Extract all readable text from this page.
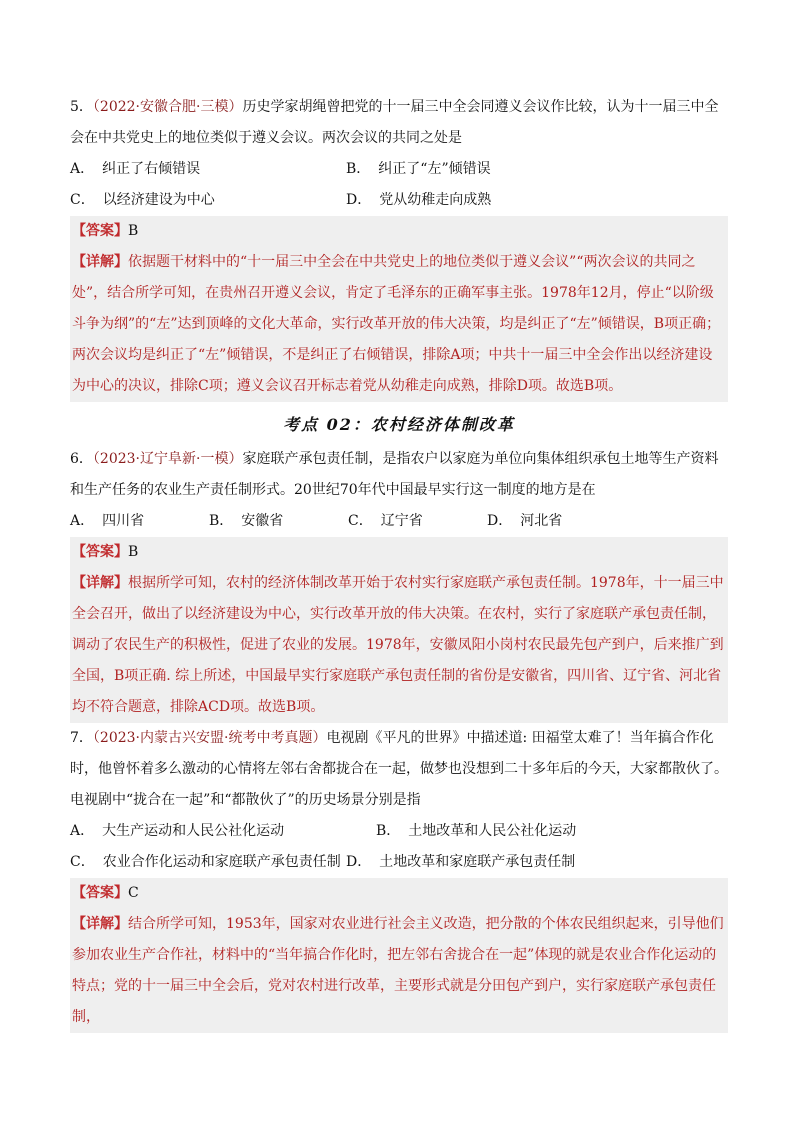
5．（2022·安徽合肥·三模）历史学家胡绳曾把党的十一届三中全会同遵义会议作比较，认为十一届三中全会在中共党史上的地位类似于遵义会议。两次会议的共同之处是

A． 纠正了右倾错误	B． 纠正了“左”倾错误
C． 以经济建设为中心	D． 党从幼稚走向成熟
【答案】B
【详解】依据题干材料中的“十一届三中全会在中共党史上的地位类似于遵义会议”“两次会议的共同之处”，结合所学可知，在贵州召开遵义会议，肯定了毛泽东的正确军事主张。1978年12月，停止“以阶级斗争为纲”的“左”达到顶峰的文化大革命，实行改革开放的伟大决策，均是纠正了“左”倾错误，B项正确；两次会议均是纠正了“左”倾错误，不是纠正了右倾错误，排除A项；中共十一届三中全会作出以经济建设为中心的决议，排除C项；遵义会议召开标志着党从幼稚走向成熟，排除D项。故选B项。
考点 02：农村经济体制改革

6．（2023·辽宁阜新·一模）家庭联产承包责任制，是指农户以家庭为单位向集体组织承包土地等生产资料和生产任务的农业生产责任制形式。20世纪70年代中国最早实行这一制度的地方是在

A． 四川省	B． 安徽省	C． 辽宁省	D． 河北省
【答案】B
【详解】根据所学可知，农村的经济体制改革开始于农村实行家庭联产承包责任制。1978年，十一届三中全会召开，做出了以经济建设为中心，实行改革开放的伟大决策。在农村，实行了家庭联产承包责任制，调动了农民生产的积极性，促进了农业的发展。1978年，安徽凤阳小岗村农民最先包产到户，后来推广到全国，B项正确. 综上所述，中国最早实行家庭联产承包责任制的省份是安徽省，四川省、辽宁省、河北省均不符合题意，排除ACD项。故选B项。

7．（2023·内蒙古兴安盟·统考中考真题）电视剧《平凡的世界》中描述道: 田福堂太难了！当年搞合作化时，他曾怀着多么激动的心情将左邻右舍都拢合在一起，做梦也没想到二十多年后的今天，大家都散伙了。电视剧中“拢合在一起”和“都散伙了”的历史场景分别是指

A． 大生产运动和人民公社化运动	B． 土地改革和人民公社化运动
C． 农业合作化运动和家庭联产承包责任制 D． 土地改革和家庭联产承包责任制
【答案】C
【详解】结合所学可知，1953年，国家对农业进行社会主义改造，把分散的个体农民组织起来，引导他们参加农业生产合作社，材料中的“当年搞合作化时，把左邻右舍拢合在一起”体现的就是农业合作化运动的特点；党的十一届三中全会后，党对农村进行改革，主要形式就是分田包产到户，实行家庭联产承包责任制，
